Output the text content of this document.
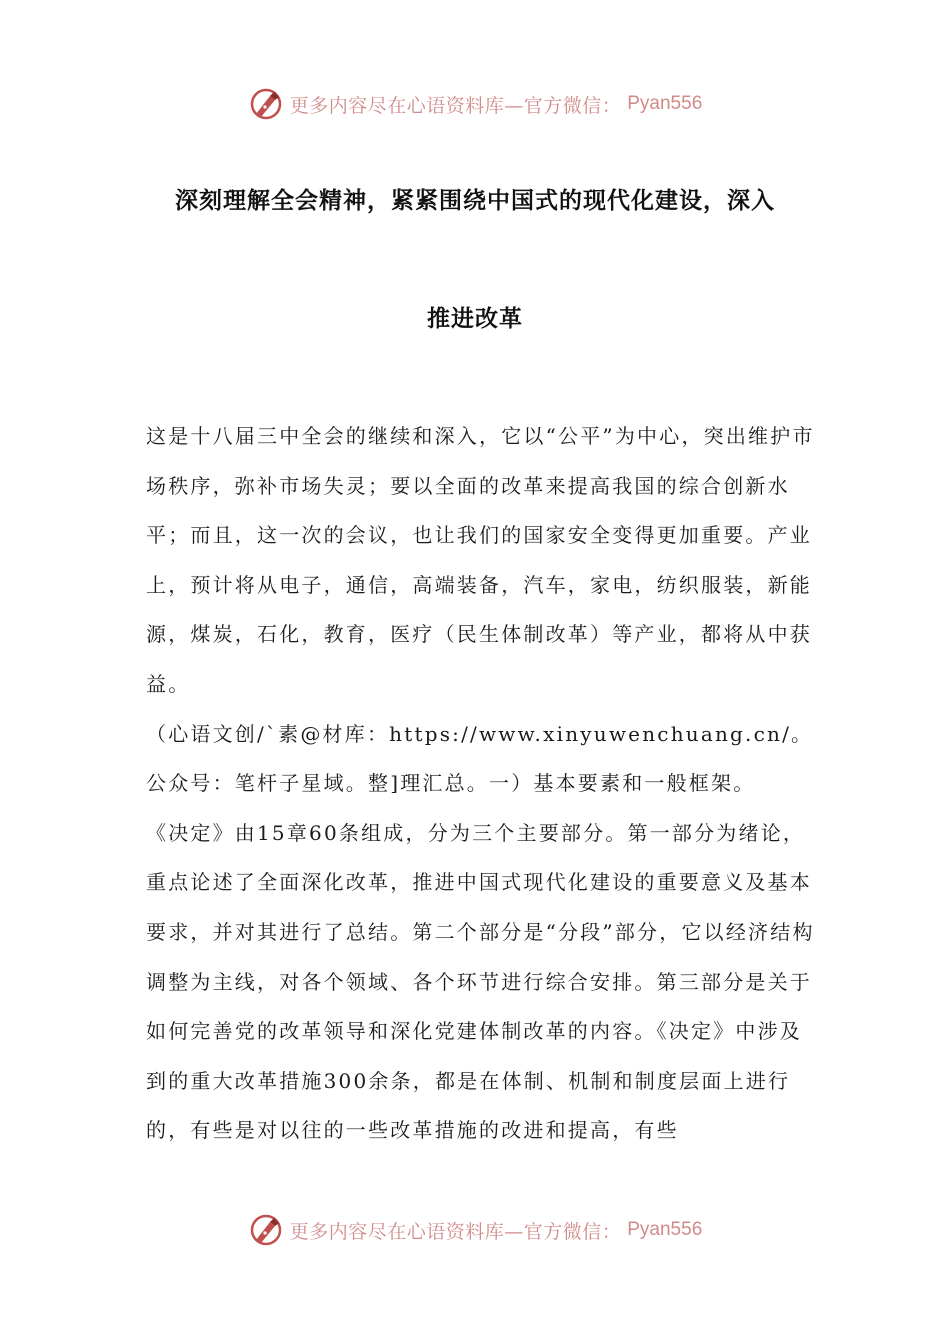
更多内容尽在心语资料库—官方微信： Pyan556
深刻理解全会精神，紧紧围绕中国式的现代化建设，深入
推进改革

这是十八届三中全会的继续和深入，它以“公平”为中心，突出维护市场秩序，弥补市场失灵；要以全面的改革来提高我国的综合创新水平；而且，这一次的会议，也让我们的国家安全变得更加重要。产业上，预计将从电子，通信，高端装备，汽车，家电，纺织服装，新能源，煤炭，石化，教育，医疗（民生体制改革）等产业，都将从中获益。

（心语文创/`素@材库：https://www.xinyuwenchuang.cn/。公众号：笔杆子星域。整]理汇总。一）基本要素和一般框架。

《决定》由15章60条组成，分为三个主要部分。第一部分为绪论，重点论述了全面深化改革，推进中国式现代化建设的重要意义及基本要求，并对其进行了总结。第二个部分是“分段”部分，它以经济结构调整为主线，对各个领域、各个环节进行综合安排。第三部分是关于如何完善党的改革领导和深化党建体制改革的内容。《决定》中涉及到的重大改革措施300余条，都是在体制、机制和制度层面上进行的，有些是对以往的一些改革措施的改进和提高，有些

更多内容尽在心语资料库—官方微信： Pyan556
